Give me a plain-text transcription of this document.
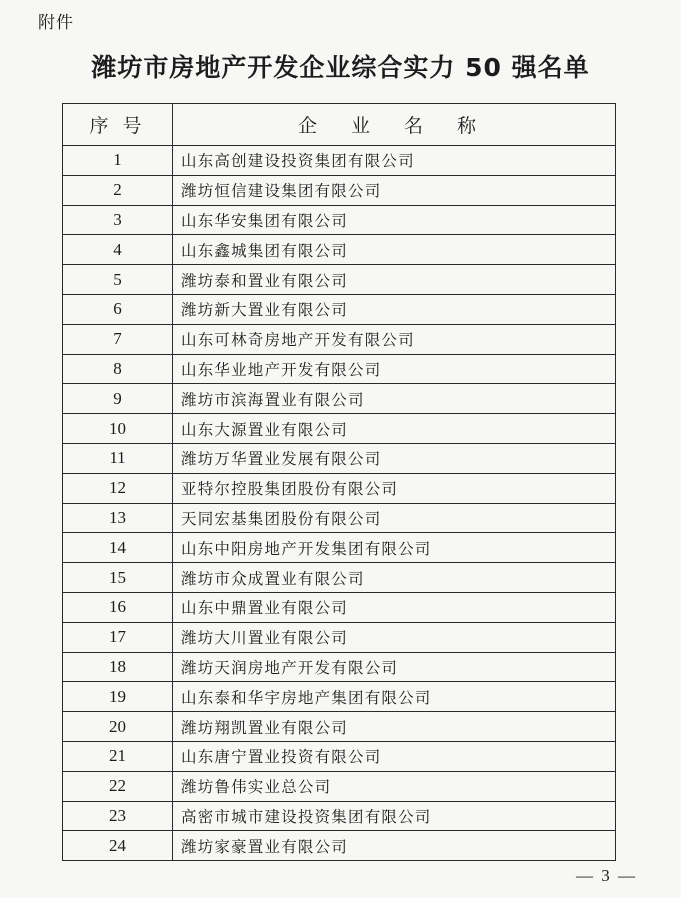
附件
潍坊市房地产开发企业综合实力 50 强名单
序 号	企 业 名 称
1	山东高创建设投资集团有限公司
2	潍坊恒信建设集团有限公司
3	山东华安集团有限公司
4	山东鑫城集团有限公司
5	潍坊泰和置业有限公司
6	潍坊新大置业有限公司
7	山东可林奇房地产开发有限公司
8	山东华业地产开发有限公司
9	潍坊市滨海置业有限公司
10	山东大源置业有限公司
11	潍坊万华置业发展有限公司
12	亚特尔控股集团股份有限公司
13	天同宏基集团股份有限公司
14	山东中阳房地产开发集团有限公司
15	潍坊市众成置业有限公司
16	山东中鼎置业有限公司
17	潍坊大川置业有限公司
18	潍坊天润房地产开发有限公司
19	山东泰和华宇房地产集团有限公司
20	潍坊翔凯置业有限公司
21	山东唐宁置业投资有限公司
22	潍坊鲁伟实业总公司
23	高密市城市建设投资集团有限公司
24	潍坊家豪置业有限公司
— 3 —
